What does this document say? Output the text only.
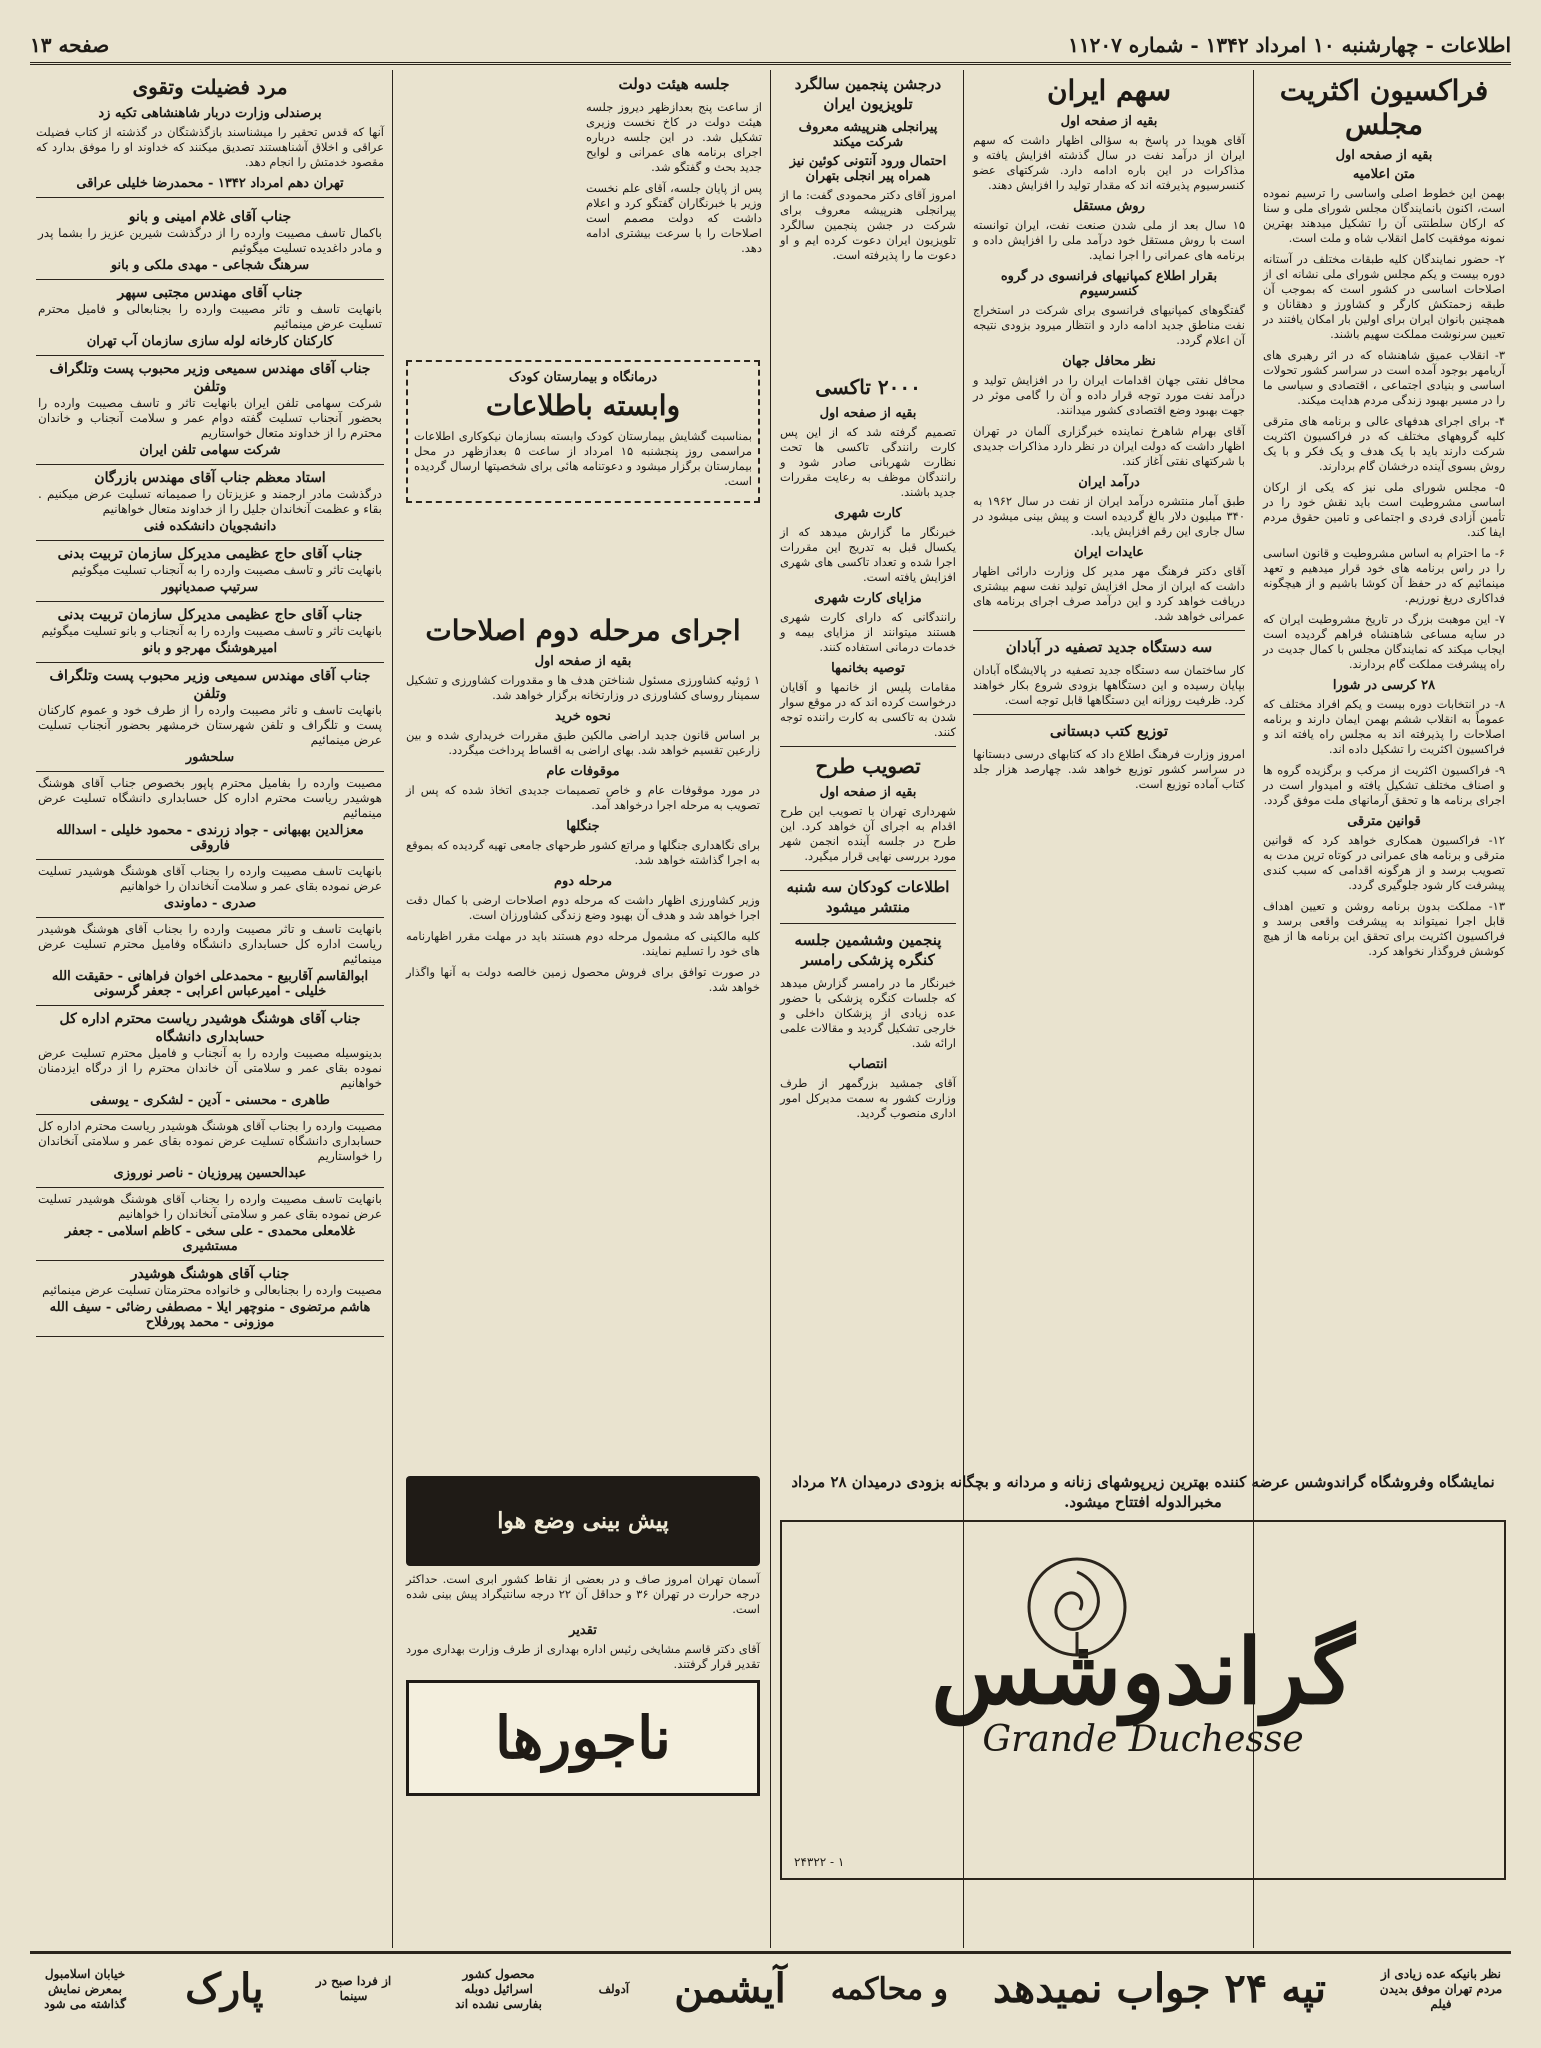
اطلاعات - چهارشنبه ۱۰ امرداد ۱۳۴۲ - شماره ۱۱۲۰۷
صفحه ۱۳
فراکسیون اکثریت مجلس
بقیه از صفحه اول
متن اعلامیه

بهمن این خطوط اصلی واساسی را ترسیم نموده است، اکنون بانمایندگان مجلس شورای ملی و سنا که ارکان سلطنتی آن را تشکیل میدهند بهترین نمونه موفقیت کامل انقلاب شاه و ملت است.

۲- حضور نمایندگان کلیه طبقات مختلف در آستانه دوره بیست و یکم مجلس شورای ملی نشانه ای از اصلاحات اساسی در کشور است که بموجب آن طبقه زحمتکش کارگر و کشاورز و دهقانان و همچنین بانوان ایران برای اولین بار امکان یافتند در تعیین سرنوشت مملکت سهیم باشند.

۳- انقلاب عمیق شاهنشاه که در اثر رهبری های آریامهر بوجود آمده است در سراسر کشور تحولات اساسی و بنیادی اجتماعی ، اقتصادی و سیاسی ما را در مسیر بهبود زندگی مردم هدایت میکند.

۴- برای اجرای هدفهای عالی و برنامه های مترقی کلیه گروههای مختلف که در فراکسیون اکثریت شرکت دارند باید با یک هدف و یک فکر و با یک روش بسوی آینده درخشان گام بردارند.

۵- مجلس شورای ملی نیز که یکی از ارکان اساسی مشروطیت است باید نقش خود را در تأمین آزادی فردی و اجتماعی و تامین حقوق مردم ایفا کند.

۶- ما احترام به اساس مشروطیت و قانون اساسی را در راس برنامه های خود قرار میدهیم و تعهد مینمائیم که در حفظ آن کوشا باشیم و از هیچگونه فداکاری دریغ نورزیم.

۷- این موهبت بزرگ در تاریخ مشروطیت ایران که در سایه مساعی شاهنشاه فراهم گردیده است ایجاب میکند که نمایندگان مجلس با کمال جدیت در راه پیشرفت مملکت گام بردارند.

۲۸ کرسی در شورا

۸- در انتخابات دوره بیست و یکم افراد مختلف که عموماً به انقلاب ششم بهمن ایمان دارند و برنامه اصلاحات را پذیرفته اند به مجلس راه یافته اند و فراکسیون اکثریت را تشکیل داده اند.

۹- فراکسیون اکثریت از مرکب و برگزیده گروه ها و اصناف مختلف تشکیل یافته و امیدوار است در اجرای برنامه ها و تحقق آرمانهای ملت موفق گردد.

قوانین مترقی

۱۲- فراکسیون همکاری خواهد کرد که قوانین مترقی و برنامه های عمرانی در کوتاه ترین مدت به تصویب برسد و از هرگونه اقدامی که سبب کندی پیشرفت کار شود جلوگیری گردد.

۱۳- مملکت بدون برنامه روشن و تعیین اهداف قابل اجرا نمیتواند به پیشرفت واقعی برسد و فراکسیون اکثریت برای تحقق این برنامه ها از هیچ کوشش فروگذار نخواهد کرد.

سهم ایران
بقیه از صفحه اول

آقای هویدا در پاسخ به سؤالی اظهار داشت که سهم ایران از درآمد نفت در سال گذشته افزایش یافته و مذاکرات در این باره ادامه دارد. شرکتهای عضو کنسرسیوم پذیرفته اند که مقدار تولید را افزایش دهند.

روش مستقل

۱۵ سال بعد از ملی شدن صنعت نفت، ایران توانسته است با روش مستقل خود درآمد ملی را افزایش داده و برنامه های عمرانی را اجرا نماید.

بقرار اطلاع کمپانیهای فرانسوی در گروه کنسرسیوم

گفتگوهای کمپانیهای فرانسوی برای شرکت در استخراج نفت مناطق جدید ادامه دارد و انتظار میرود بزودی نتیجه آن اعلام گردد.

نظر محافل جهان

محافل نفتی جهان اقدامات ایران را در افزایش تولید و درآمد نفت مورد توجه قرار داده و آن را گامی موثر در جهت بهبود وضع اقتصادی کشور میدانند.

آقای بهرام شاهرخ نماینده خبرگزاری آلمان در تهران اظهار داشت که دولت ایران در نظر دارد مذاکرات جدیدی با شرکتهای نفتی آغاز کند.

درآمد ایران

طبق آمار منتشره درآمد ایران از نفت در سال ۱۹۶۲ به ۳۴۰ میلیون دلار بالغ گردیده است و پیش بینی میشود در سال جاری این رقم افزایش یابد.

عایدات ایران

آقای دکتر فرهنگ مهر مدیر کل وزارت دارائی اظهار داشت که ایران از محل افزایش تولید نفت سهم بیشتری دریافت خواهد کرد و این درآمد صرف اجرای برنامه های عمرانی خواهد شد.

سه دستگاه جدید تصفیه در آبادان

کار ساختمان سه دستگاه جدید تصفیه در پالایشگاه آبادان بپایان رسیده و این دستگاهها بزودی شروع بکار خواهند کرد. ظرفیت روزانه این دستگاهها قابل توجه است.

توزیع کتب دبستانی

امروز وزارت فرهنگ اطلاع داد که کتابهای درسی دبستانها در سراسر کشور توزیع خواهد شد. چهارصد هزار جلد کتاب آماده توزیع است.

درجشن پنجمین سالگرد تلویزیون ایران
پیرانجلی هنرپیشه معروف شرکت میکند
احتمال ورود آنتونی کوئین نیز همراه پیر انجلی بتهران

امروز آقای دکتر محمودی گفت: ما از پیرانجلی هنرپیشه معروف برای شرکت در جشن پنجمین سالگرد تلویزیون ایران دعوت کرده ایم و او دعوت ما را پذیرفته است.

۲۰۰۰ تاکسی
بقیه از صفحه اول

تصمیم گرفته شد که از این پس کارت رانندگی تاکسی ها تحت نظارت شهربانی صادر شود و رانندگان موظف به رعایت مقررات جدید باشند.

کارت شهری

خبرنگار ما گزارش میدهد که از یکسال قبل به تدریج این مقررات اجرا شده و تعداد تاکسی های شهری افزایش یافته است.

مزایای کارت شهری

رانندگانی که دارای کارت شهری هستند میتوانند از مزایای بیمه و خدمات درمانی استفاده کنند.

توصیه بخانمها

مقامات پلیس از خانمها و آقایان درخواست کرده اند که در موقع سوار شدن به تاکسی به کارت راننده توجه کنند.

تصویب طرح
بقیه از صفحه اول

شهرداری تهران با تصویب این طرح اقدام به اجرای آن خواهد کرد. این طرح در جلسه آینده انجمن شهر مورد بررسی نهایی قرار میگیرد.

اطلاعات کودکان سه شنبه منتشر میشود
پنجمین وششمین جلسه کنگره پزشکی رامسر

خبرنگار ما در رامسر گزارش میدهد که جلسات کنگره پزشکی با حضور عده زیادی از پزشکان داخلی و خارجی تشکیل گردید و مقالات علمی ارائه شد.

انتصاب

آقای جمشید بزرگمهر از طرف وزارت کشور به سمت مدیرکل امور اداری منصوب گردید.

جلسه هیئت دولت

از ساعت پنج بعدازظهر دیروز جلسه هیئت دولت در کاخ نخست وزیری تشکیل شد. در این جلسه درباره اجرای برنامه های عمرانی و لوایح جدید بحث و گفتگو شد.

پس از پایان جلسه، آقای علم نخست وزیر با خبرنگاران گفتگو کرد و اعلام داشت که دولت مصمم است اصلاحات را با سرعت بیشتری ادامه دهد.

درمانگاه و بیمارستان کودک
وابسته باطلاعات

بمناسبت گشایش بیمارستان کودک وابسته بسازمان نیکوکاری اطلاعات مراسمی روز پنجشنبه ۱۵ امرداد از ساعت ۵ بعدازظهر در محل بیمارستان برگزار میشود و دعوتنامه هائی برای شخصیتها ارسال گردیده است.

اجرای مرحله دوم اصلاحات
بقیه از صفحه اول

۱ ژوئیه کشاورزی مسئول شناختن هدف ها و مقدورات کشاورزی و تشکیل سمینار روسای کشاورزی در وزارتخانه برگزار خواهد شد.

نحوه خرید

بر اساس قانون جدید اراضی مالکین طبق مقررات خریداری شده و بین زارعین تقسیم خواهد شد. بهای اراضی به اقساط پرداخت میگردد.

موقوفات عام

در مورد موقوفات عام و خاص تصمیمات جدیدی اتخاذ شده که پس از تصویب به مرحله اجرا درخواهد آمد.

جنگلها

برای نگاهداری جنگلها و مراتع کشور طرحهای جامعی تهیه گردیده که بموقع به اجرا گذاشته خواهد شد.

مرحله دوم

وزیر کشاورزی اظهار داشت که مرحله دوم اصلاحات ارضی با کمال دقت اجرا خواهد شد و هدف آن بهبود وضع زندگی کشاورزان است.

کلیه مالکینی که مشمول مرحله دوم هستند باید در مهلت مقرر اظهارنامه های خود را تسلیم نمایند.

در صورت توافق برای فروش محصول زمین خالصه دولت به آنها واگذار خواهد شد.

پیش بینی وضع هوا

آسمان تهران امروز صاف و در بعضی از نقاط کشور ابری است. حداکثر درجه حرارت در تهران ۳۶ و حداقل آن ۲۲ درجه سانتیگراد پیش بینی شده است.

تقدیر

آقای دکتر قاسم مشایخی رئیس اداره بهداری از طرف وزارت بهداری مورد تقدیر قرار گرفتند.

ناجورها
نمایشگاه وفروشگاه گراندوشس عرضه کننده بهترین زیرپوشهای زنانه و مردانه و بچگانه بزودی درمیدان ۲۸ مرداد مخبرالدوله افتتاح میشود.
گراندوشس
Grande Duchesse
۲۴۳۲۲ - ۱
مرد فضیلت وتقوی
برصندلی وزارت دربار شاهنشاهی تکیه زد

آنها که قدس تحقیر را میشناسند بازگذشتگان در گذشته از کتاب فضیلت عراقی و اخلاق آشناهستند تصدیق میکنند که خداوند او را موفق بدارد که مقصود خدمتش را انجام دهد.

تهران دهم امرداد ۱۳۴۲ - محمدرضا خلیلی عراقی
جناب آقای غلام امینی و بانو
باکمال تاسف مصیبت وارده را از درگذشت شیرین عزیز را بشما پدر و مادر داغدیده تسلیت میگوئیم
سرهنگ شجاعی - مهدی ملکی و بانو
جناب آقای مهندس مجتبی سپهر
بانهایت تاسف و تاثر مصیبت وارده را بجنابعالی و فامیل محترم تسلیت عرض مینمائیم
کارکنان کارخانه لوله سازی سازمان آب تهران
جناب آقای مهندس سمیعی وزیر محبوب پست وتلگراف وتلفن
شرکت سهامی تلفن ایران بانهایت تاثر و تاسف مصیبت وارده را بحضور آنجناب تسلیت گفته دوام عمر و سلامت آنجناب و خاندان محترم را از خداوند متعال خواستاریم
شرکت سهامی تلفن ایران
استاد معظم جناب آقای مهندس بازرگان
درگذشت مادر ارجمند و عزیزتان را صمیمانه تسلیت عرض میکنیم . بقاء و عظمت آنخاندان جلیل را از خداوند متعال خواهانیم
دانشجویان دانشکده فنی
جناب آقای حاج عظیمی مدیرکل سازمان تربیت بدنی
بانهایت تاثر و تاسف مصیبت وارده را به آنجناب تسلیت میگوئیم
سرتیپ صمدیانپور
جناب آقای حاج عظیمی مدیرکل سازمان تربیت بدنی
بانهایت تاثر و تاسف مصیبت وارده را به آنجناب و بانو تسلیت میگوئیم
امیرهوشنگ مهرجو و بانو
جناب آقای مهندس سمیعی وزیر محبوب پست وتلگراف وتلفن
بانهایت تاسف و تاثر مصیبت وارده را از طرف خود و عموم کارکنان پست و تلگراف و تلفن شهرستان خرمشهر بحضور آنجناب تسلیت عرض مینمائیم
سلحشور
مصیبت وارده را بفامیل محترم پاپور بخصوص جناب آقای هوشنگ هوشیدر ریاست محترم اداره کل حسابداری دانشگاه تسلیت عرض مینمائیم
معزالدین بهبهانی - جواد زرندی - محمود خلیلی - اسدالله فاروقی
بانهایت تاسف مصیبت وارده را بجناب آقای هوشنگ هوشیدر تسلیت عرض نموده بقای عمر و سلامت آنخاندان را خواهانیم
صدری - دماوندی
بانهایت تاسف و تاثر مصیبت وارده را بجناب آقای هوشنگ هوشیدر ریاست اداره کل حسابداری دانشگاه وفامیل محترم تسلیت عرض مینمائیم
ابوالقاسم آقاربیع - محمدعلی اخوان فراهانی - حقیقت الله خلیلی - امیرعباس اعرابی - جعفر گرسونی
جناب آقای هوشنگ هوشیدر ریاست محترم اداره کل حسابداری دانشگاه
بدینوسیله مصیبت وارده را به آنجناب و فامیل محترم تسلیت عرض نموده بقای عمر و سلامتی آن خاندان محترم را از درگاه ایزدمنان خواهانیم
طاهری - محسنی - آدین - لشکری - یوسفی
مصیبت وارده را بجناب آقای هوشنگ هوشیدر ریاست محترم اداره کل حسابداری دانشگاه تسلیت عرض نموده بقای عمر و سلامتی آنخاندان را خواستاریم
عبدالحسین پیروزیان - ناصر نوروزی
بانهایت تاسف مصیبت وارده را بجناب آقای هوشنگ هوشیدر تسلیت عرض نموده بقای عمر و سلامتی آنخاندان را خواهانیم
غلامعلی محمدی - علی سخی - کاظم اسلامی - جعفر مستشیری
جناب آقای هوشنگ هوشیدر
مصیبت وارده را بجنابعالی و خانواده محترمتان تسلیت عرض مینمائیم
هاشم مرتضوی - منوچهر ایلا - مصطفی رضائی - سیف الله موزونی - محمد پورفلاح
نظر بانیکه عده زیادی از مردم تهران موفق بدیدن فیلم
تپه ۲۴ جواب نمیدهد
و محاکمه
آیشمن
آدولف
محصول کشور اسرائیل دوبله بفارسی نشده اند
از فردا صبح در سینما
پارک
خیابان اسلامبول بمعرض نمایش گذاشته می شود
